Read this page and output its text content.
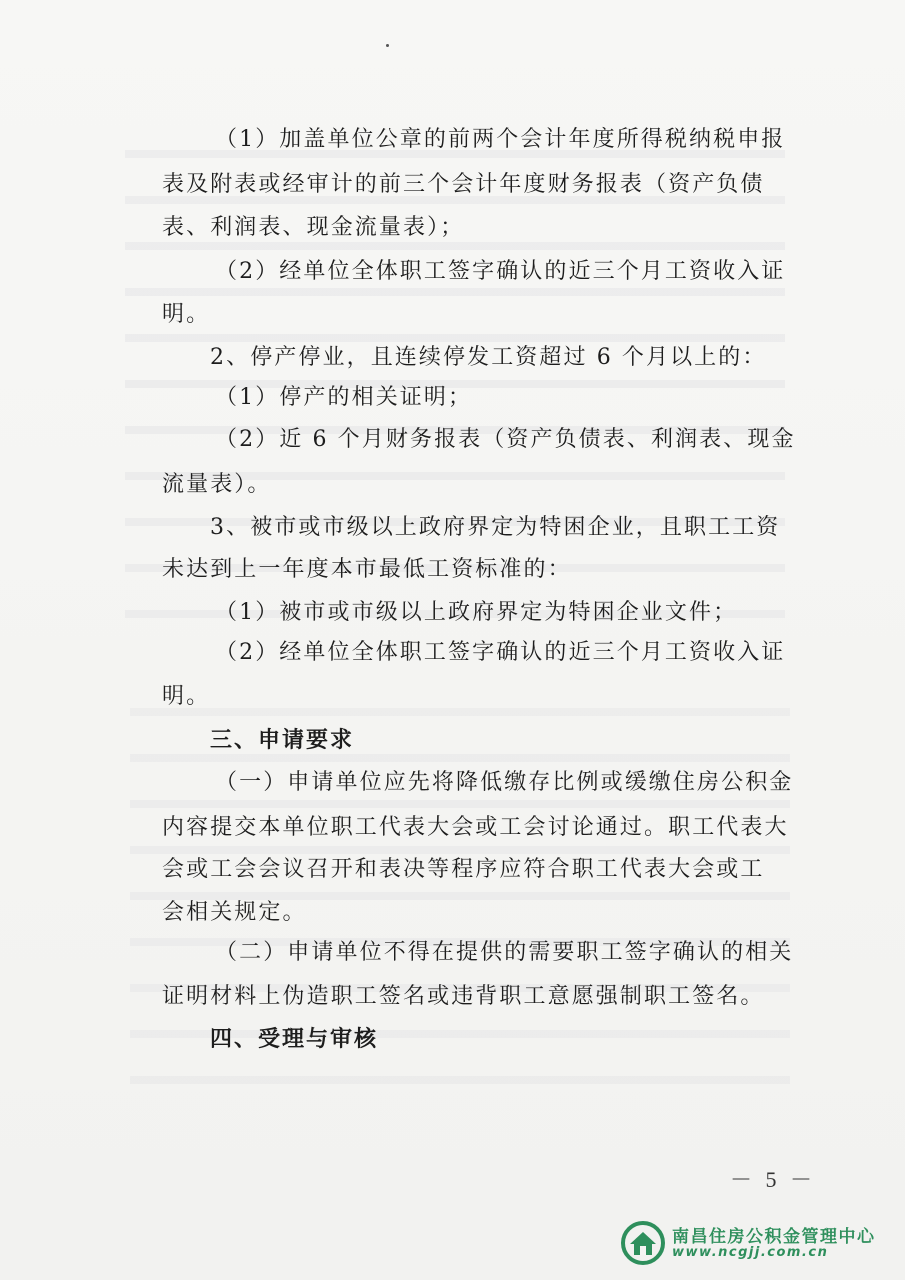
（1）加盖单位公章的前两个会计年度所得税纳税申报
表及附表或经审计的前三个会计年度财务报表（资产负债
表、利润表、现金流量表）；
（2）经单位全体职工签字确认的近三个月工资收入证
明。
2、停产停业，且连续停发工资超过 6 个月以上的：
（1）停产的相关证明；
（2）近 6 个月财务报表（资产负债表、利润表、现金
流量表）。
3、被市或市级以上政府界定为特困企业，且职工工资
未达到上一年度本市最低工资标准的：
（1）被市或市级以上政府界定为特困企业文件；
（2）经单位全体职工签字确认的近三个月工资收入证
明。
三、申请要求
（一）申请单位应先将降低缴存比例或缓缴住房公积金
内容提交本单位职工代表大会或工会讨论通过。职工代表大
会或工会会议召开和表决等程序应符合职工代表大会或工
会相关规定。
（二）申请单位不得在提供的需要职工签字确认的相关
证明材料上伪造职工签名或违背职工意愿强制职工签名。
四、受理与审核
－ 5 －
南昌住房公积金管理中心
www.ncgjj.com.cn
